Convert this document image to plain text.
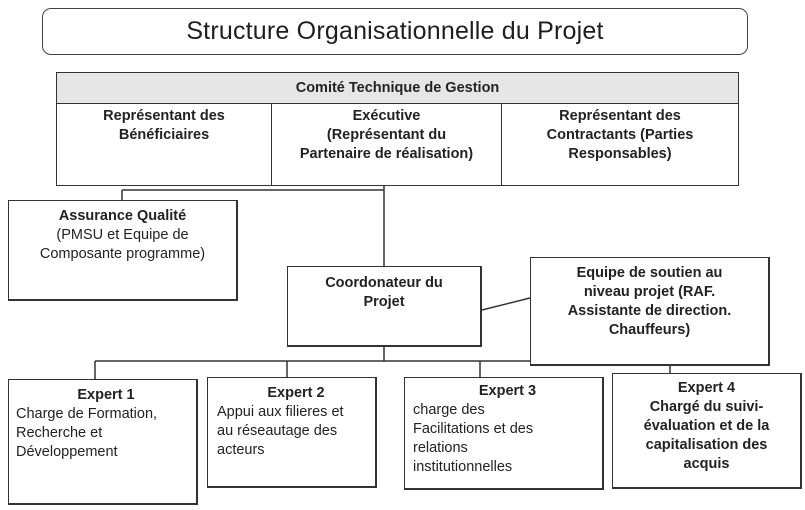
Structure Organisationnelle du Projet
Comité Technique de Gestion
Représentant des
Bénéficiaires
Exécutive
(Représentant du
Partenaire de réalisation)
Représentant des
Contractants (Parties
Responsables)
Assurance Qualité
(PMSU et Equipe de
Composante programme)
Coordonateur du
Projet
Equipe de soutien au
niveau projet (RAF.
Assistante de direction.
Chauffeurs)
Expert 1
Charge de Formation,
Recherche et
Développement
Expert 2
Appui aux filieres et
au réseautage des
acteurs
Expert 3
charge des
Facilitations et des
relations
institutionnelles
Expert 4
Chargé du suivi-
évaluation et de la
capitalisation des
acquis
